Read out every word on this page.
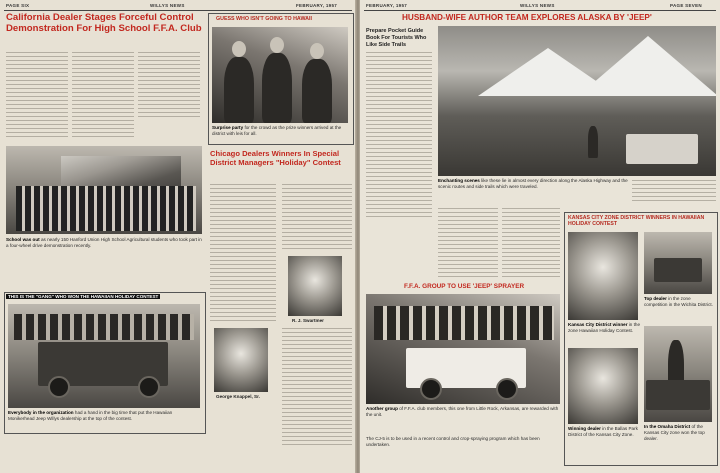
PAGE SIX	WILLYS NEWS	FEBRUARY, 1957
California Dealer Stages Forceful Control Demonstration For High School F.F.A. Club
School was out as nearly 150 Hanford Union High School Agricultural students who took part in a four-wheel drive demonstration recently.
GUESS WHO ISN'T GOING TO HAWAII
Surprise party for the crowd as the prize winners arrived at the district with leis for all.
Chicago Dealers Winners In Special District Managers "Holiday" Contest
R. J. Swartmer
George Knappel, Sr.
THIS IS THE "GANG" WHO WON THE HAWAIIAN HOLIDAY CONTEST
Everybody in the organization had a hand in the big time that put the Hawaiian Monikerhead Jeep Willys dealership at the top of the contest.
FEBRUARY, 1957	WILLYS NEWS	PAGE SEVEN
HUSBAND-WIFE AUTHOR TEAM EXPLORES ALASKA BY 'JEEP'
Prepare Pocket Guide Book For Tourists Who Like Side Trails
Enchanting scenes like these lie in almost every direction along the Alaska Highway and the scenic routes and side trails which were traveled.
KANSAS CITY ZONE DISTRICT WINNERS IN HAWAIIAN HOLIDAY CONTEST
Kansas City District winner in the zone Hawaiian Holiday Contest.
Top dealer in the zone competition in the Wichita District.
Winning dealer in the Ballas Park District of the Kansas City Zone.
In the Omaha District of the Kansas City zone won the top dealer.
F.F.A. GROUP TO USE 'JEEP' SPRAYER
Another group of F.F.A. club members, this one from Little Rock, Arkansas, are rewarded with the unit.
The CJ-5 is to be used in a recent control and crop-spraying program which has been undertaken.
